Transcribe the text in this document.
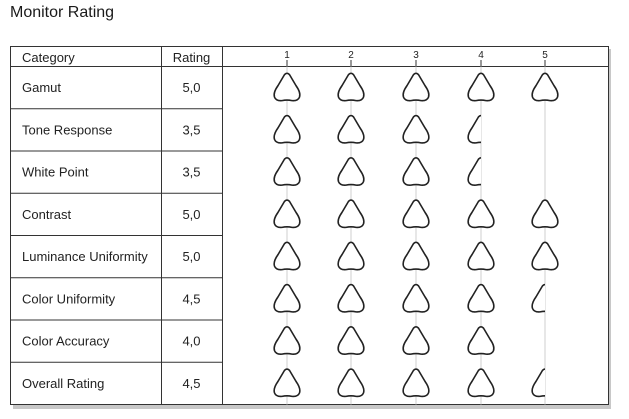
Monitor Rating
Category	Rating	1	2	3	4	5
Gamut	5,0
Tone Response	3,5
White Point	3,5
Contrast	5,0
Luminance Uniformity	5,0
Color Uniformity	4,5
Color Accuracy	4,0
Overall Rating	4,5
